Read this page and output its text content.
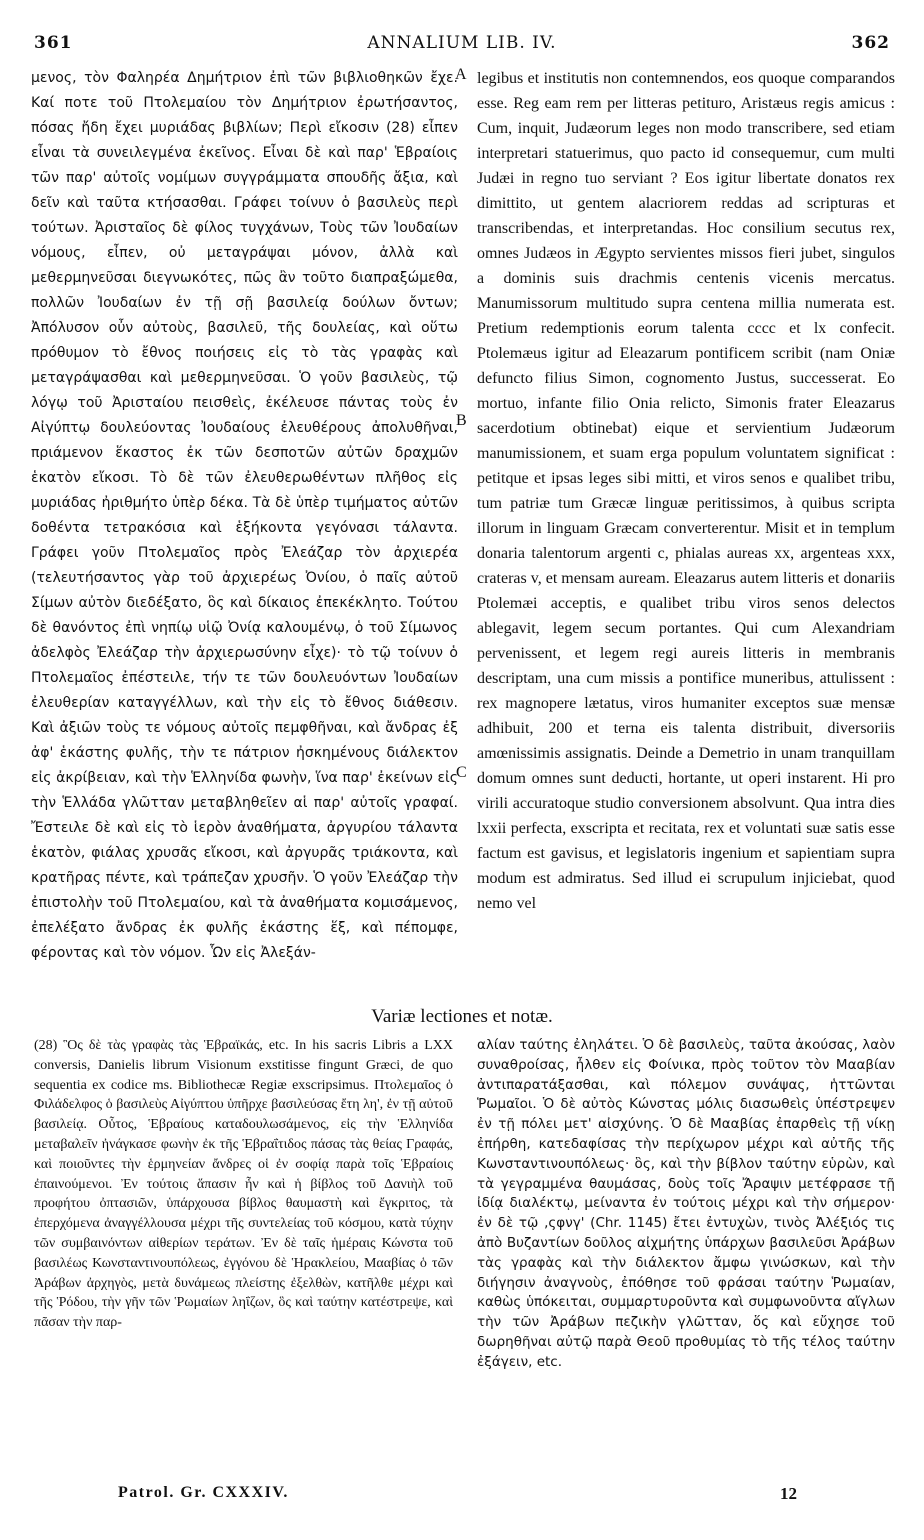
ANNALIUM LIB. IV.
361	362

μενος, τὸν Φαληρέα Δημήτριον ἐπὶ τῶν βιβλιοθηκῶν ἔχε. Καί ποτε τοῦ Πτολεμαίου τὸν Δημήτριον ἐρωτήσαντος, πόσας ἤδη ἔχει μυριάδας βιβλίων; Περὶ εἴκοσιν (28) εἶπεν εἶναι τὰ συνειλεγμένα ἐκεῖνος. Εἶναι δὲ καὶ παρ' Ἑβραίοις τῶν παρ' αὐτοῖς νομίμων συγγράμματα σπουδῆς ἄξια, καὶ δεῖν καὶ ταῦτα κτήσασθαι. Γράφει τοίνυν ὁ βασιλεὺς περὶ τούτων. Ἀρισταῖος δὲ φίλος τυγχάνων, Τοὺς τῶν Ἰουδαίων νόμους, εἶπεν, οὐ μεταγράψαι μόνον, ἀλλὰ καὶ μεθερμηνεῦσαι διεγνωκότες, πῶς ἂν τοῦτο διαπραξώμεθα, πολλῶν Ἰουδαίων ἐν τῇ σῇ βασιλείᾳ δούλων ὄντων; Ἀπόλυσον οὖν αὐτοὺς, βασιλεῦ, τῆς δουλείας, καὶ οὕτω πρόθυμον τὸ ἔθνος ποιήσεις εἰς τὸ τὰς γραφὰς καὶ μεταγράψασθαι καὶ μεθερμηνεῦσαι. Ὁ γοῦν βασιλεὺς, τῷ λόγῳ τοῦ Ἀρισταίου πεισθεὶς, ἐκέλευσε πάντας τοὺς ἐν Αἰγύπτῳ δουλεύοντας Ἰουδαίους ἐλευθέρους ἀπολυθῆναι, πριάμενον ἕκαστος ἐκ τῶν δεσποτῶν αὐτῶν δραχμῶν ἑκατὸν εἴκοσι. Τὸ δὲ τῶν ἐλευθερωθέντων πλῆθος εἰς μυριάδας ἠριθμήτο ὑπὲρ δέκα. Τὰ δὲ ὑπὲρ τιμήματος αὐτῶν δοθέντα τετρακόσια καὶ ἑξήκοντα γεγόνασι τάλαντα. Γράφει γοῦν Πτολεμαῖος πρὸς Ἐλεάζαρ τὸν ἀρχιερέα (τελευτήσαντος γὰρ τοῦ ἀρχιερέως Ὀνίου, ὁ παῖς αὐτοῦ Σίμων αὐτὸν διεδέξατο, ὃς καὶ δίκαιος ἐπεκέκλητο. Τούτου δὲ θανόντος ἐπὶ νηπίῳ υἱῷ Ὀνίᾳ καλουμένῳ, ὁ τοῦ Σίμωνος ἀδελφὸς Ἐλεάζαρ τὴν ἀρχιερωσύνην εἶχε)· τὸ τῷ τοίνυν ὁ Πτολεμαῖος ἐπέστειλε, τήν τε τῶν δουλευόντων Ἰουδαίων ἐλευθερίαν καταγγέλλων, καὶ τὴν εἰς τὸ ἔθνος διάθεσιν. Καὶ ἀξιῶν τοὺς τε νόμους αὐτοῖς πεμφθῆναι, καὶ ἄνδρας ἐξ ἀφ' ἑκάστης φυλῆς, τὴν τε πάτριον ἠσκημένους διάλεκτον εἰς ἀκρίβειαν, καὶ τὴν Ἑλληνίδα φωνὴν, ἵνα παρ' ἐκείνων εἰς τὴν Ἑλλάδα γλῶτταν μεταβληθεῖεν αἱ παρ' αὐτοῖς γραφαί. Ἔστειλε δὲ καὶ εἰς τὸ ἱερὸν ἀναθήματα, ἀργυρίου τάλαντα ἑκατὸν, φιάλας χρυσᾶς εἴκοσι, καὶ ἀργυρᾶς τριάκοντα, καὶ κρατῆρας πέντε, καὶ τράπεζαν χρυσῆν. Ὁ γοῦν Ἐλεάζαρ τὴν ἐπιστολὴν τοῦ Πτολεμαίου, καὶ τὰ ἀναθήματα κομισάμενος, ἐπελέξατο ἄνδρας ἐκ φυλῆς ἑκάστης ἕξ, καὶ πέπομφε, φέροντας καὶ τὸν νόμον. Ὧν εἰς Ἀλεξάν-

A
B
C

legibus et institutis non contemnendos, eos quoque comparandos esse. Reg eam rem per litteras petituro, Aristæus regis amicus : Cum, inquit, Judæorum leges non modo transcribere, sed etiam interpretari statuerimus, quo pacto id consequemur, cum multi Judæi in regno tuo serviant ? Eos igitur libertate donatos rex dimittito, ut gentem alacriorem reddas ad scripturas et transcribendas, et interpretandas. Hoc consilium secutus rex, omnes Judæos in Ægypto servientes missos fieri jubet, singulos a dominis suis drachmis centenis vicenis mercatus. Manumissorum multitudo supra centena millia numerata est. Pretium redemptionis eorum talenta cccc et lx confecit. Ptolemæus igitur ad Eleazarum pontificem scribit (nam Oniæ defuncto filius Simon, cognomento Justus, successerat. Eo mortuo, infante filio Onia relicto, Simonis frater Eleazarus sacerdotium obtinebat) eique et servientium Judæorum manumissionem, et suam erga populum voluntatem significat : petitque et ipsas leges sibi mitti, et viros senos e qualibet tribu, tum patriæ tum Græcæ linguæ peritissimos, à quibus scripta illorum in linguam Græcam converterentur. Misit et in templum donaria talentorum argenti c, phialas aureas xx, argenteas xxx, crateras v, et mensam auream. Eleazarus autem litteris et donariis Ptolemæi acceptis, e qualibet tribu viros senos delectos ablegavit, legem secum portantes. Qui cum Alexandriam pervenissent, et legem regi aureis litteris in membranis descriptam, una cum missis a pontifice muneribus, attulissent : rex magnopere lætatus, viros humaniter exceptos suæ mensæ adhibuit, 200 et terna eis talenta distribuit, diversoriis amœnissimis assignatis. Deinde a Demetrio in unam tranquillam domum omnes sunt deducti, hortante, ut operi instarent. Hi pro virili accuratoque studio conversionem absolvunt. Qua intra dies lxxii perfecta, exscripta et recitata, rex et voluntati suæ satis esse factum est gavisus, et legislatoris ingenium et sapientiam supra modum est admiratus. Sed illud ei scrupulum injiciebat, quod nemo vel

Variæ lectiones et notæ.

(28) Ὃς δὲ τὰς γραφὰς τὰς Ἑβραϊκάς, etc. In his sacris Libris a LXX conversis, Danielis librum Visionum exstitisse fingunt Græci, de quo sequentia ex codice ms. Bibliothecæ Regiæ exscripsimus. Πτολεμαῖος ὁ Φιλάδελφος ὁ βασιλεὺς Αἰγύπτου ὑπῆρχε βασιλεύσας ἔτη λη', ἐν τῇ αὐτοῦ βασιλείᾳ. Οὗτος, Ἑβραίους καταδουλωσάμενος, εἰς τὴν Ἑλληνίδα μεταβαλεῖν ἠνάγκασε φωνὴν ἐκ τῆς Ἑβραΐτιδος πάσας τὰς θείας Γραφάς, καὶ ποιοῦντες τὴν ἑρμηνείαν ἄνδρες οἱ ἐν σοφίᾳ παρὰ τοῖς Ἑβραίοις ἐπαινούμενοι. Ἐν τούτοις ἅπασιν ἦν καὶ ἡ βίβλος τοῦ Δανιὴλ τοῦ προφήτου ὀπτασιῶν, ὑπάρχουσα βίβλος θαυμαστὴ καὶ ἔγκριτος, τὰ ἐπερχόμενα ἀναγγέλλουσα μέχρι τῆς συντελείας τοῦ κόσμου, κατὰ τύχην τῶν συμβαινόντων αἰθερίων τεράτων. Ἐν δὲ ταῖς ἡμέραις Κώνστα τοῦ βασιλέως Κωνσταντινουπόλεως, ἐγγόνου δὲ Ἡρακλείου, Μααβίας ὁ τῶν Ἀράβων ἀρχηγὸς, μετὰ δυνάμεως πλείστης ἐξελθὼν, κατῆλθε μέχρι καὶ τῆς Ῥόδου, τὴν γῆν τῶν Ῥωμαίων ληΐζων, ὃς καὶ ταύτην κατέστρεψε, καὶ πᾶσαν τὴν παρ-

αλίαν ταύτης ἐληλάτει. Ὁ δὲ βασιλεὺς, ταῦτα ἀκούσας, λαὸν συναθροίσας, ἦλθεν εἰς Φοίνικα, πρὸς τοῦτον τὸν Μααβίαν ἀντιπαρατάξασθαι, καὶ πόλεμον συνάψας, ἡττῶνται Ῥωμαῖοι. Ὁ δὲ αὐτὸς Κώνστας μόλις διασωθεὶς ὑπέστρεψεν ἐν τῇ πόλει μετ' αἰσχύνης. Ὁ δὲ Μααβίας ἐπαρθεὶς τῇ νίκῃ ἐπήρθη, κατεδαφίσας τὴν περίχωρον μέχρι καὶ αὐτῆς τῆς Κωνσταντινουπόλεως· ὃς, καὶ τὴν βίβλον ταύτην εὑρὼν, καὶ τὰ γεγραμμένα θαυμάσας, δοὺς τοῖς Ἄραψιν μετέφρασε τῇ ἰδίᾳ διαλέκτῳ, μείναντα ἐν τούτοις μέχρι καὶ τὴν σήμερον· ἐν δὲ τῷ ,ςφνγ' (Chr. 1145) ἔτει ἐντυχὼν, τινὸς Ἀλέξιός τις ἀπὸ Βυζαντίων δοῦλος αἰχμήτης ὑπάρχων βασιλεῦσι Ἀράβων τὰς γραφὰς καὶ τὴν διάλεκτον ἄμφω γινώσκων, καὶ τὴν διήγησιν ἀναγνοὺς, ἐπόθησε τοῦ φράσαι ταύτην Ῥωμαίαν, καθὼς ὑπόκειται, συμμαρτυροῦντα καὶ συμφωνοῦντα αἴγλων τὴν τῶν Ἀράβων πεζικὴν γλῶτταν, ὅς καὶ εὔχησε τοῦ δωρηθῆναι αὐτῷ παρὰ Θεοῦ προθυμίας τὸ τῆς τέλος ταύτην ἐξάγειν, etc.

Patrol. Gr. CXXXIV.	12
